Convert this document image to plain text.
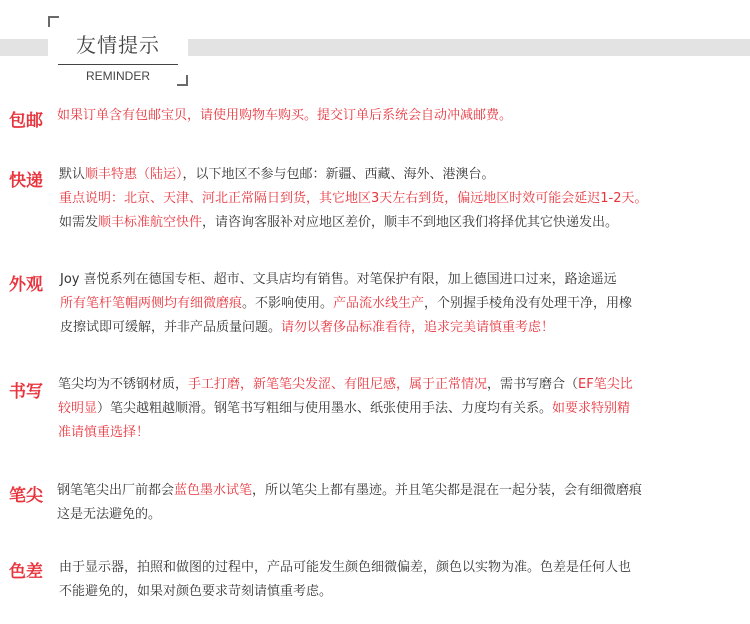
友情提示
REMINDER
包邮 如果订单含有包邮宝贝，请使用购物车购买。提交订单后系统会自动冲减邮费。
快递 默认顺丰特惠（陆运），以下地区不参与包邮：新疆、西藏、海外、港澳台。
重点说明：北京、天津、河北正常隔日到货，其它地区3天左右到货，偏远地区时效可能会延迟1-2天。
如需发顺丰标准航空快件，请咨询客服补对应地区差价，顺丰不到地区我们将择优其它快递发出。
外观 Joy 喜悦系列在德国专柜、超市、文具店均有销售。对笔保护有限，加上德国进口过来，路途遥远
所有笔杆笔帽两侧均有细微磨痕。不影响使用。产品流水线生产，个别握手棱角没有处理干净，用橡
皮擦试即可缓解，并非产品质量问题。请勿以奢侈品标准看待，追求完美请慎重考虑！
书写 笔尖均为不锈钢材质，手工打磨，新笔笔尖发涩、有阻尼感，属于正常情况，需书写磨合（EF笔尖比
较明显）笔尖越粗越顺滑。钢笔书写粗细与使用墨水、纸张使用手法、力度均有关系。如要求特别精
准请慎重选择！
笔尖 钢笔笔尖出厂前都会蓝色墨水试笔，所以笔尖上都有墨迹。并且笔尖都是混在一起分装，会有细微磨痕
这是无法避免的。
色差 由于显示器，拍照和做图的过程中，产品可能发生颜色细微偏差，颜色以实物为准。色差是任何人也
不能避免的，如果对颜色要求苛刻请慎重考虑。
